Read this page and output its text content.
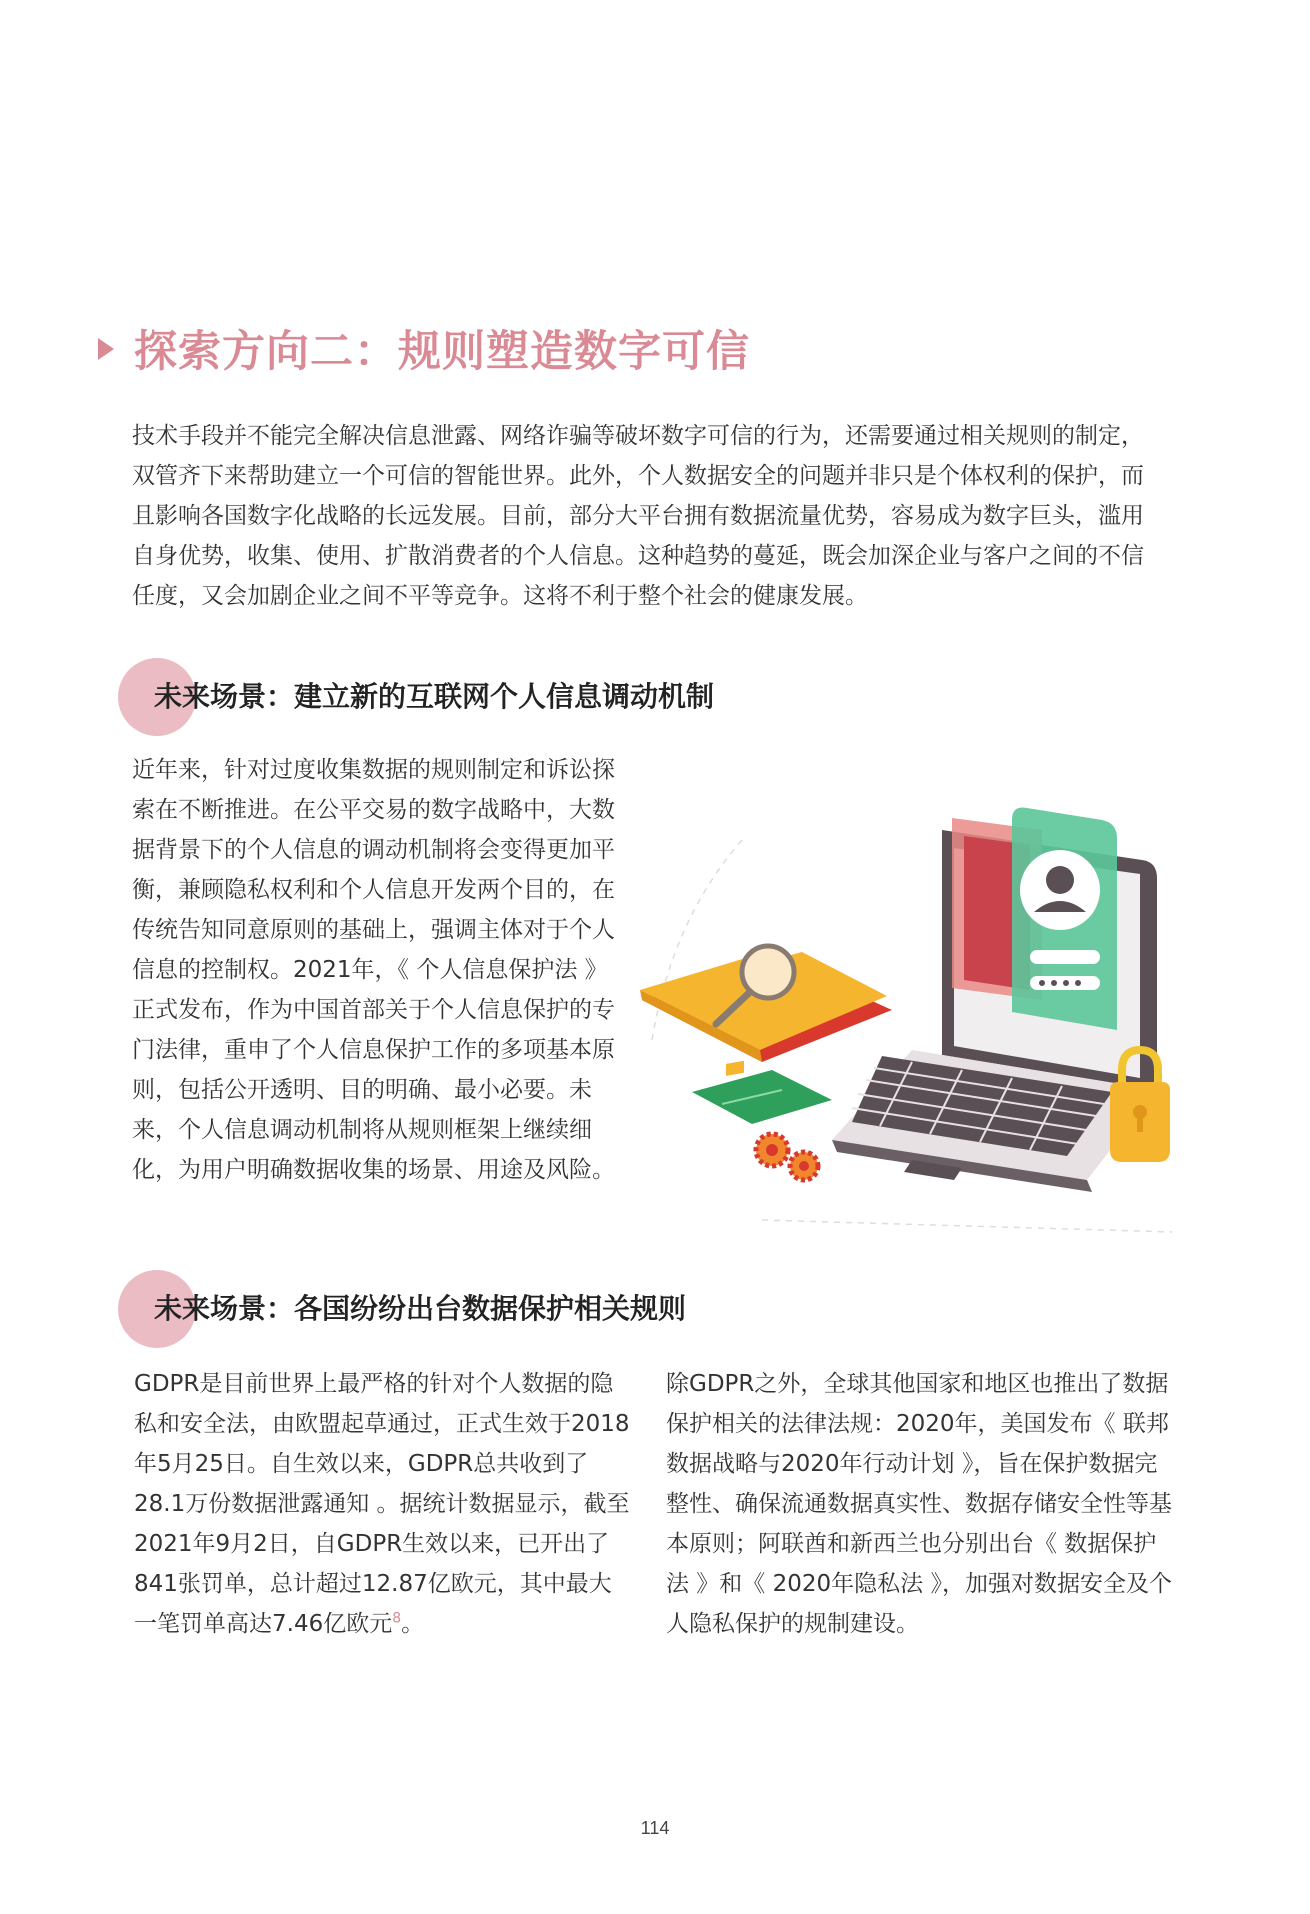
探索方向二：规则塑造数字可信

技术手段并不能完全解决信息泄露、网络诈骗等破坏数字可信的行为，还需要通过相关规则的制定，双管齐下来帮助建立一个可信的智能世界。此外，个人数据安全的问题并非只是个体权利的保护，而且影响各国数字化战略的长远发展。目前，部分大平台拥有数据流量优势，容易成为数字巨头，滥用自身优势，收集、使用、扩散消费者的个人信息。这种趋势的蔓延，既会加深企业与客户之间的不信任度，又会加剧企业之间不平等竞争。这将不利于整个社会的健康发展。

未来场景：建立新的互联网个人信息调动机制

近年来，针对过度收集数据的规则制定和诉讼探索在不断推进。在公平交易的数字战略中，大数据背景下的个人信息的调动机制将会变得更加平衡，兼顾隐私权利和个人信息开发两个目的，在传统告知同意原则的基础上，强调主体对于个人信息的控制权。2021年，《 个人信息保护法 》正式发布，作为中国首部关于个人信息保护的专门法律，重申了个人信息保护工作的多项基本原则，包括公开透明、目的明确、最小必要。未来，个人信息调动机制将从规则框架上继续细化，为用户明确数据收集的场景、用途及风险。

未来场景：各国纷纷出台数据保护相关规则

GDPR是目前世界上最严格的针对个人数据的隐私和安全法，由欧盟起草通过，正式生效于2018年5月25日。自生效以来，GDPR总共收到了28.1万份数据泄露通知 。据统计数据显示，截至2021年9月2日，自GDPR生效以来，已开出了841张罚单，总计超过12.87亿欧元，其中最大一笔罚单高达7.46亿欧元$^8$。

除GDPR之外，全球其他国家和地区也推出了数据保护相关的法律法规：2020年，美国发布《 联邦数据战略与2020年行动计划 》，旨在保护数据完整性、确保流通数据真实性、数据存储安全性等基本原则；阿联酋和新西兰也分别出台《 数据保护法 》和《 2020年隐私法 》，加强对数据安全及个人隐私保护的规制建设。

114
